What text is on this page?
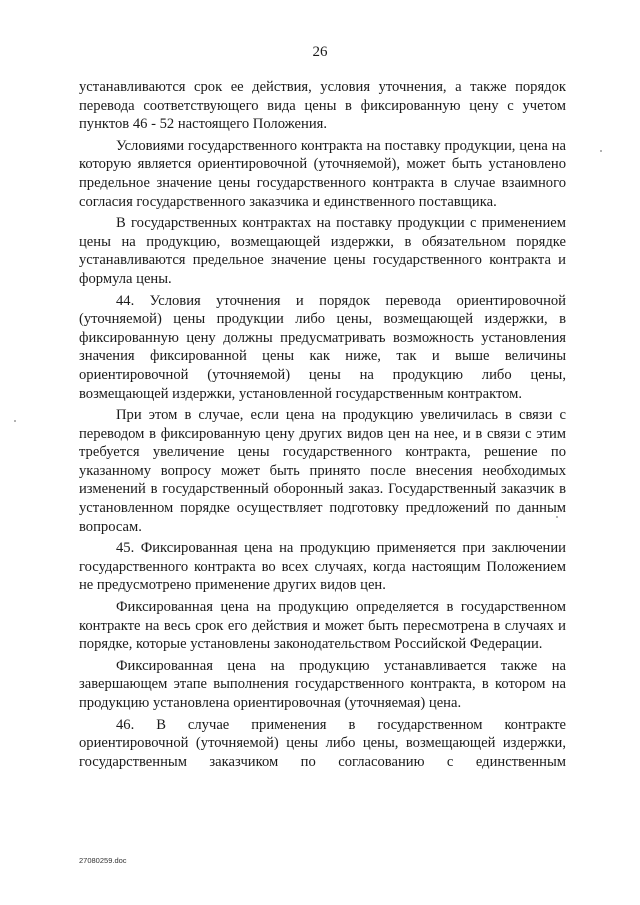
26

устанавливаются срок ее действия, условия уточнения, а также порядок перевода соответствующего вида цены в фиксированную цену с учетом пунктов 46 - 52 настоящего Положения.

Условиями государственного контракта на поставку продукции, цена на которую является ориентировочной (уточняемой), может быть установлено предельное значение цены государственного контракта в случае взаимного согласия государственного заказчика и единственного поставщика.

В государственных контрактах на поставку продукции с применением цены на продукцию, возмещающей издержки, в обязательном порядке устанавливаются предельное значение цены государственного контракта и формула цены.

44. Условия уточнения и порядок перевода ориентировочной (уточняемой) цены продукции либо цены, возмещающей издержки, в фиксированную цену должны предусматривать возможность установления значения фиксированной цены как ниже, так и выше величины ориентировочной (уточняемой) цены на продукцию либо цены, возмещающей издержки, установленной государственным контрактом.

При этом в случае, если цена на продукцию увеличилась в связи с переводом в фиксированную цену других видов цен на нее, и в связи с этим требуется увеличение цены государственного контракта, решение по указанному вопросу может быть принято после внесения необходимых изменений в государственный оборонный заказ. Государственный заказчик в установленном порядке осуществляет подготовку предложений по данным вопросам.

45. Фиксированная цена на продукцию применяется при заключении государственного контракта во всех случаях, когда настоящим Положением не предусмотрено применение других видов цен.

Фиксированная цена на продукцию определяется в государственном контракте на весь срок его действия и может быть пересмотрена в случаях и порядке, которые установлены законодательством Российской Федерации.

Фиксированная цена на продукцию устанавливается также на завершающем этапе выполнения государственного контракта, в котором на продукцию установлена ориентировочная (уточняемая) цена.

46. В случае применения в государственном контракте ориентировочной (уточняемой) цены либо цены, возмещающей издержки, государственным заказчиком по согласованию с единственным

27080259.doc
